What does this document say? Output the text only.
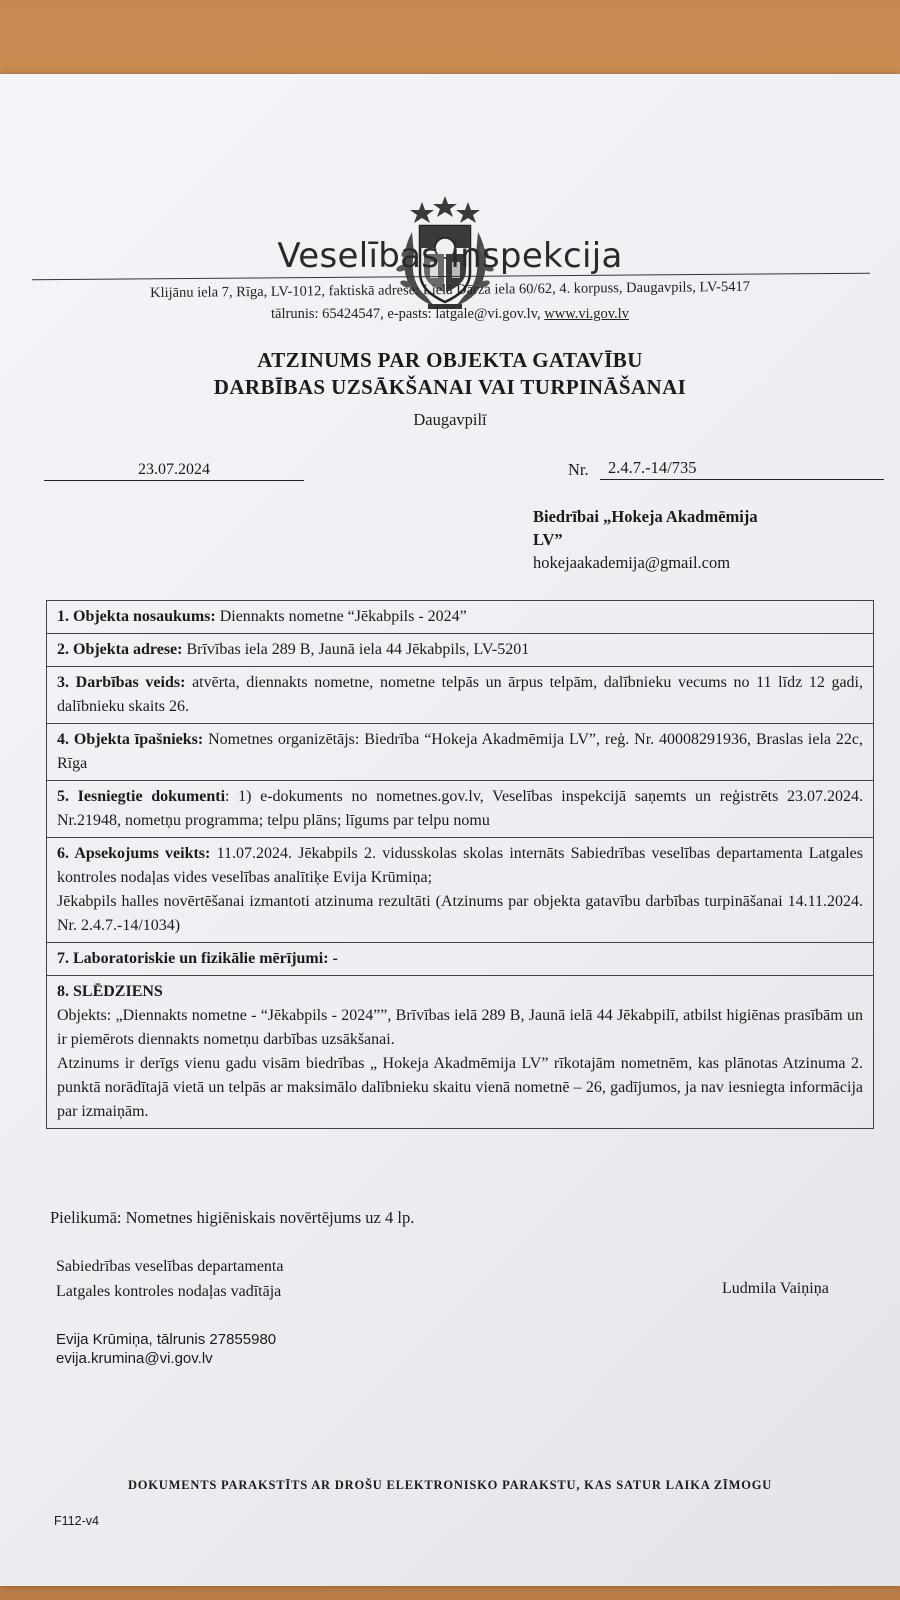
Veselības inspekcija
Klijānu iela 7, Rīga, LV-1012, faktiskā adrese: Lielā Dārza iela 60/62, 4. korpuss, Daugavpils, LV-5417
tālrunis: 65424547, e-pasts: latgale@vi.gov.lv, www.vi.gov.lv
ATZINUMS PAR OBJEKTA GATAVĪBU
DARBĪBAS UZSĀKŠANAI VAI TURPINĀŠANAI
Daugavpilī
23.07.2024	Nr.	2.4.7.-14/735
Biedrībai „Hokeja Akadmēmija
LV”
hokejaakademija@gmail.com
1. Objekta nosaukums: Diennakts nometne “Jēkabpils - 2024”
2. Objekta adrese: Brīvības iela 289 B, Jaunā iela 44 Jēkabpils, LV-5201
3. Darbības veids: atvērta, diennakts nometne, nometne telpās un ārpus telpām, dalībnieku vecums no 11 līdz 12 gadi, dalībnieku skaits 26.
4. Objekta īpašnieks: Nometnes organizētājs: Biedrība “Hokeja Akadmēmija LV”, reģ. Nr. 40008291936, Braslas iela 22c, Rīga
5. Iesniegtie dokumenti: 1) e-dokuments no nometnes.gov.lv, Veselības inspekcijā saņemts un reģistrēts 23.07.2024. Nr.21948, nometņu programma; telpu plāns; līgums par telpu nomu
6. Apsekojums veikts: 11.07.2024. Jēkabpils 2. vidusskolas skolas internāts Sabiedrības veselības departamenta Latgales kontroles nodaļas vides veselības analītiķe Evija Krūmiņa;
Jēkabpils halles novērtēšanai izmantoti atzinuma rezultāti (Atzinums par objekta gatavību darbības turpināšanai 14.11.2024. Nr. 2.4.7.-14/1034)

7. Laboratoriskie un fizikālie mērījumi: -
8. SLĒDZIENS
Objekts: „Diennakts nometne - “Jēkabpils - 2024””, Brīvības ielā 289 B, Jaunā ielā 44 Jēkabpilī, atbilst higiēnas prasībām un ir piemērots diennakts nometņu darbības uzsākšanai.
Atzinums ir derīgs vienu gadu visām biedrības „ Hokeja Akadmēmija LV” rīkotajām nometnēm, kas plānotas Atzinuma 2. punktā norādītajā vietā un telpās ar maksimālo dalībnieku skaitu vienā nometnē – 26, gadījumos, ja nav iesniegta informācija par izmaiņām.
Pielikumā: Nometnes higiēniskais novērtējums uz 4 lp.
Sabiedrības veselības departamenta
Latgales kontroles nodaļas vadītāja	Ludmila Vaiņiņa
Evija Krūmiņa, tālrunis 27855980
evija.krumina@vi.gov.lv
DOKUMENTS PARAKSTĪTS AR DROŠU ELEKTRONISKO PARAKSTU, KAS SATUR LAIKA ZĪMOGU
F112-v4
